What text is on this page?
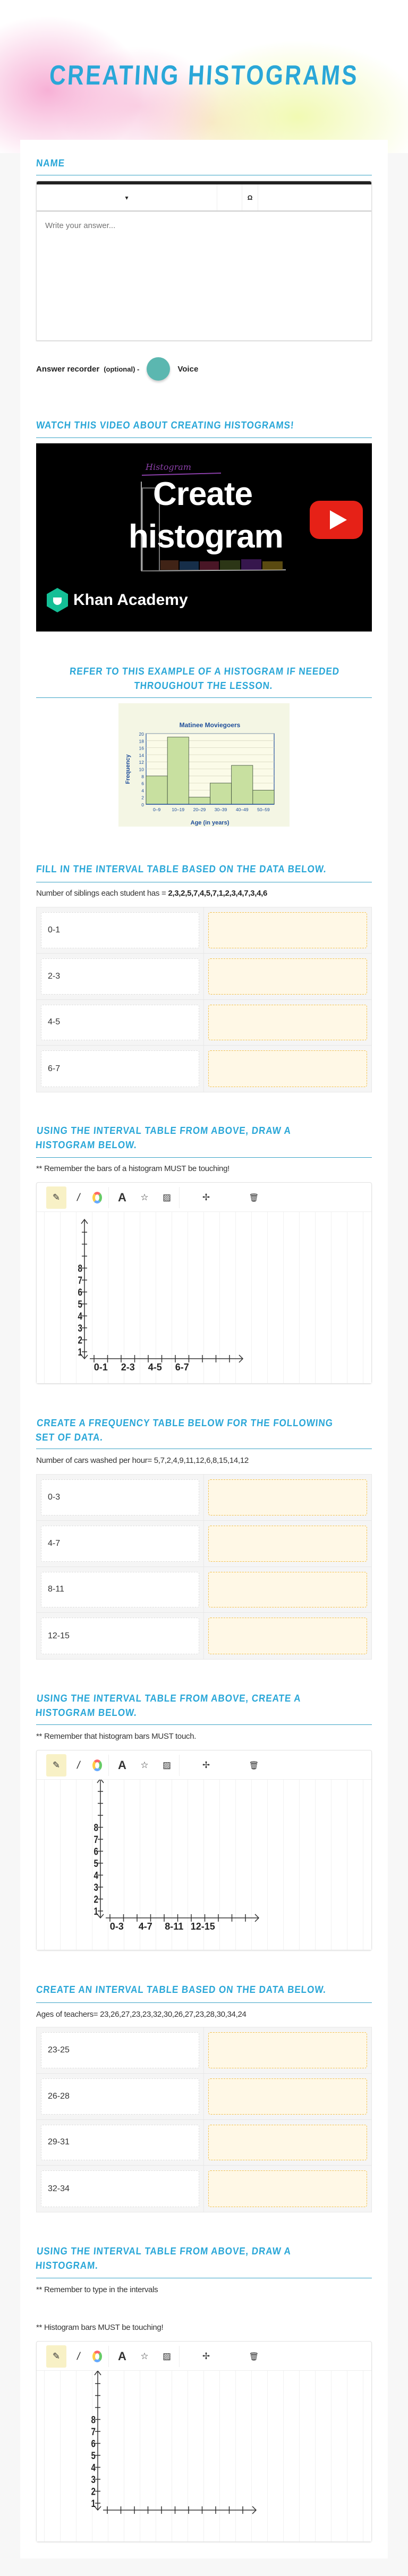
CREATING HISTOGRAMS
NAME
▾	Ω
Write your answer...
Answer recorder (optional) -	Voice
WATCH THIS VIDEO ABOUT CREATING HISTOGRAMS!
Histogram
Create
histogram
Khan Academy
REFER TO THIS EXAMPLE OF A HISTOGRAM IF NEEDED THROUGHOUT THE LESSON.
Matinee Moviegoers
Age (in years)
Frequency
0
2
4
6
8
10
12
14
16
18
20
0–9	10–19 20–29 30–39 40–49 50–59
FILL IN THE INTERVAL TABLE BASED ON THE DATA BELOW.
Number of siblings each student has = 2,3,2,5,7,4,5,7,1,2,3,4,7,3,4,6
0-1
2-3
4-5
6-7
USING THE INTERVAL TABLE FROM ABOVE, DRAW A HISTOGRAM BELOW.
** Remember the bars of a histogram MUST be touching!
✎ /	A ☆ ▨	✢	🗑
1
2
3
4
5
6
7
8
0-1 2-3 4-5 6-7
CREATE A FREQUENCY TABLE BELOW FOR THE FOLLOWING SET OF DATA.
Number of cars washed per hour= 5,7,2,4,9,11,12,6,8,15,14,12
0-3
4-7
8-11
12-15
USING THE INTERVAL TABLE FROM ABOVE, CREATE A HISTOGRAM BELOW.
** Remember that histogram bars MUST touch.
✎ /	A ☆ ▨	✢	🗑
1
2
3
4
5
6
7
8
0-3 4-7 8-11 12-15
CREATE AN INTERVAL TABLE BASED ON THE DATA BELOW.
Ages of teachers= 23,26,27,23,23,32,30,26,27,23,28,30,34,24
23-25
26-28
29-31
32-34
USING THE INTERVAL TABLE FROM ABOVE, DRAW A HISTOGRAM.
** Remember to type in the intervals
** Histogram bars MUST be touching!
✎ /	A ☆ ▨	✢	🗑
1
2
3
4
5
6
7
8
